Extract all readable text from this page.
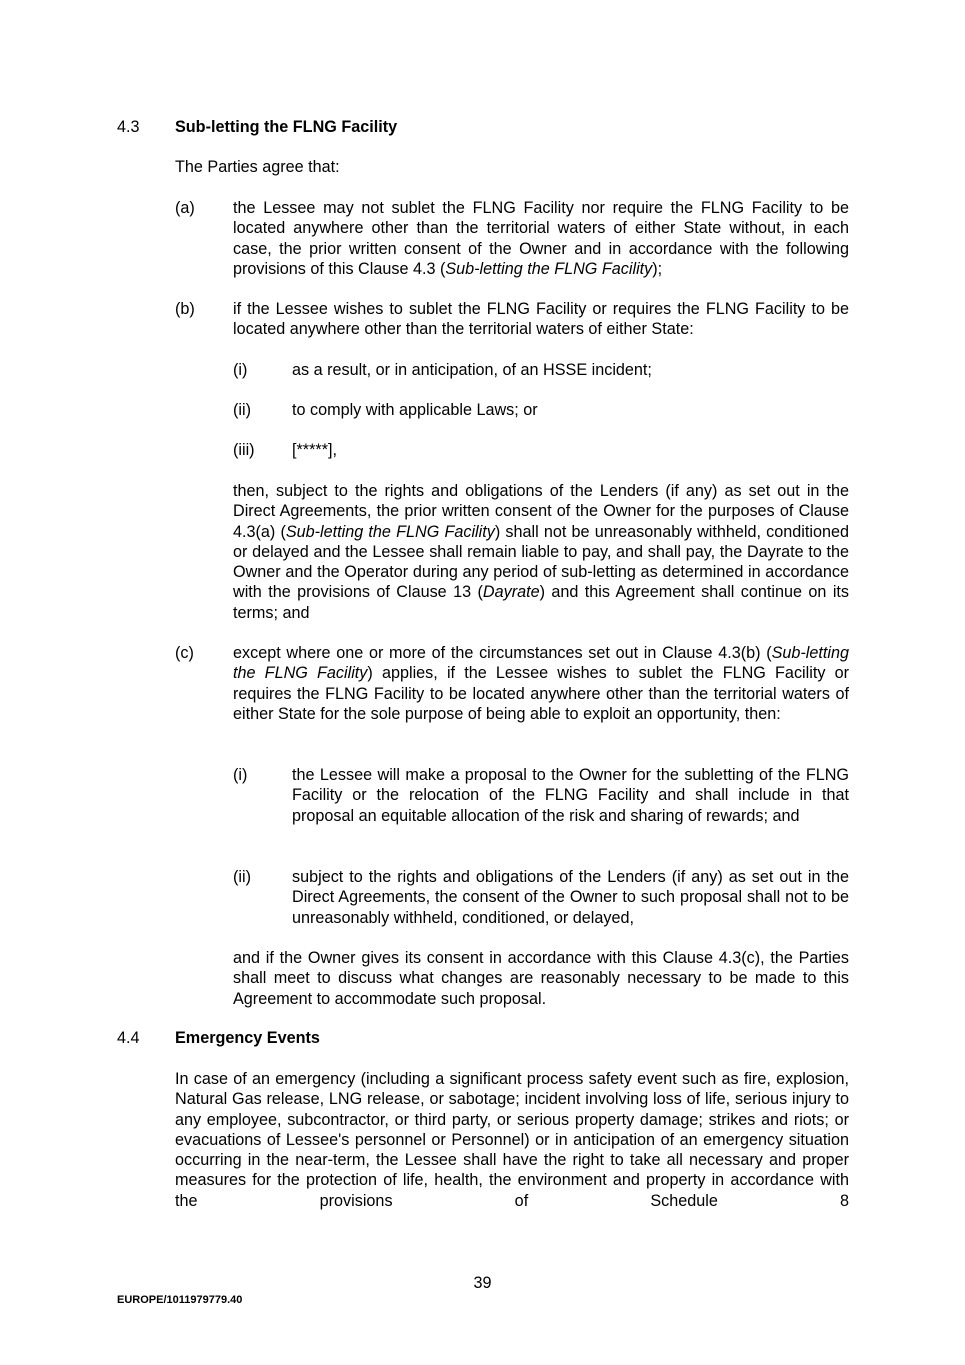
4.3 Sub-letting the FLNG Facility
The Parties agree that:
(a) the Lessee may not sublet the FLNG Facility nor require the FLNG Facility to be located anywhere other than the territorial waters of either State without, in each case, the prior written consent of the Owner and in accordance with the following provisions of this Clause 4.3 (Sub-letting the FLNG Facility);
(b) if the Lessee wishes to sublet the FLNG Facility or requires the FLNG Facility to be located anywhere other than the territorial waters of either State:
(i)	as a result, or in anticipation, of an HSSE incident;
(ii)	to comply with applicable Laws; or
(iii) [*****],
then, subject to the rights and obligations of the Lenders (if any) as set out in the Direct Agreements, the prior written consent of the Owner for the purposes of Clause 4.3(a) (Sub-letting the FLNG Facility) shall not be unreasonably withheld, conditioned or delayed and the Lessee shall remain liable to pay, and shall pay, the Dayrate to the Owner and the Operator during any period of sub-letting as determined in accordance with the provisions of Clause 13 (Dayrate) and this Agreement shall continue on its terms; and
(c) except where one or more of the circumstances set out in Clause 4.3(b) (Sub-letting the FLNG Facility) applies, if the Lessee wishes to sublet the FLNG Facility or requires the FLNG Facility to be located anywhere other than the territorial waters of either State for the sole purpose of being able to exploit an opportunity, then:
(i)	the Lessee will make a proposal to the Owner for the subletting of the FLNG Facility or the relocation of the FLNG Facility and shall include in that proposal an equitable allocation of the risk and sharing of rewards; and
(ii)	subject to the rights and obligations of the Lenders (if any) as set out in the Direct Agreements, the consent of the Owner to such proposal shall not to be unreasonably withheld, conditioned, or delayed,
and if the Owner gives its consent in accordance with this Clause 4.3(c), the Parties shall meet to discuss what changes are reasonably necessary to be made to this Agreement to accommodate such proposal.
4.4 Emergency Events
In case of an emergency (including a significant process safety event such as fire, explosion,
Natural Gas release, LNG release, or sabotage; incident involving loss of life, serious injury to
any employee, subcontractor, or third party, or serious property damage; strikes and riots; or
evacuations of Lessee's personnel or Personnel) or in anticipation of an emergency situation
occurring in the near-term, the Lessee shall have the right to take all necessary and proper
measures for the protection of life, health, the environment and property in accordance with
the provisions of Schedule 8
39
EUROPE/1011979779.40
